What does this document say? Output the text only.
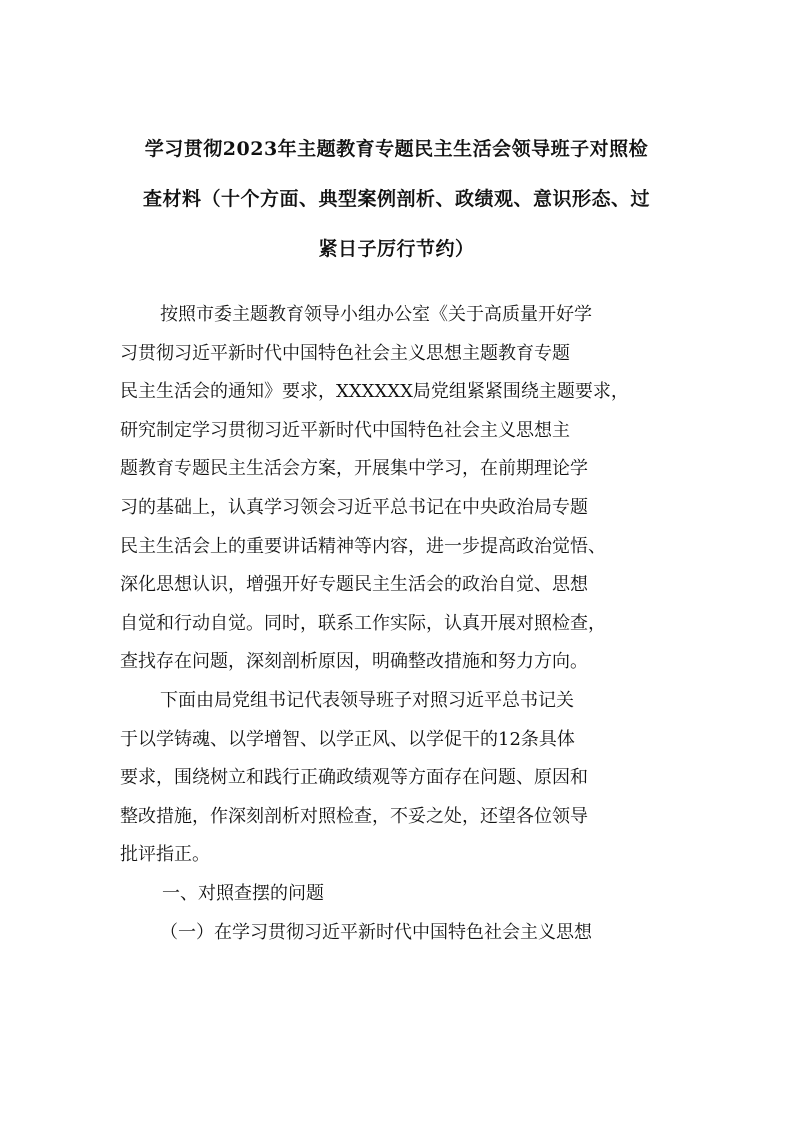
学习贯彻2023年主题教育专题民主生活会领导班子对照检
查材料（十个方面、典型案例剖析、政绩观、意识形态、过
紧日子厉行节约）

按照市委主题教育领导小组办公室《关于高质量开好学
习贯彻习近平新时代中国特色社会主义思想主题教育专题
民主生活会的通知》要求，XXXXXX局党组紧紧围绕主题要求，
研究制定学习贯彻习近平新时代中国特色社会主义思想主
题教育专题民主生活会方案，开展集中学习，在前期理论学
习的基础上，认真学习领会习近平总书记在中央政治局专题
民主生活会上的重要讲话精神等内容，进一步提高政治觉悟、
深化思想认识，增强开好专题民主生活会的政治自觉、思想
自觉和行动自觉。同时，联系工作实际，认真开展对照检查，
查找存在问题，深刻剖析原因，明确整改措施和努力方向。

下面由局党组书记代表领导班子对照习近平总书记关
于以学铸魂、以学增智、以学正风、以学促干的12条具体
要求，围绕树立和践行正确政绩观等方面存在问题、原因和
整改措施，作深刻剖析对照检查，不妥之处，还望各位领导
批评指正。

一、对照查摆的问题

（一）在学习贯彻习近平新时代中国特色社会主义思想
